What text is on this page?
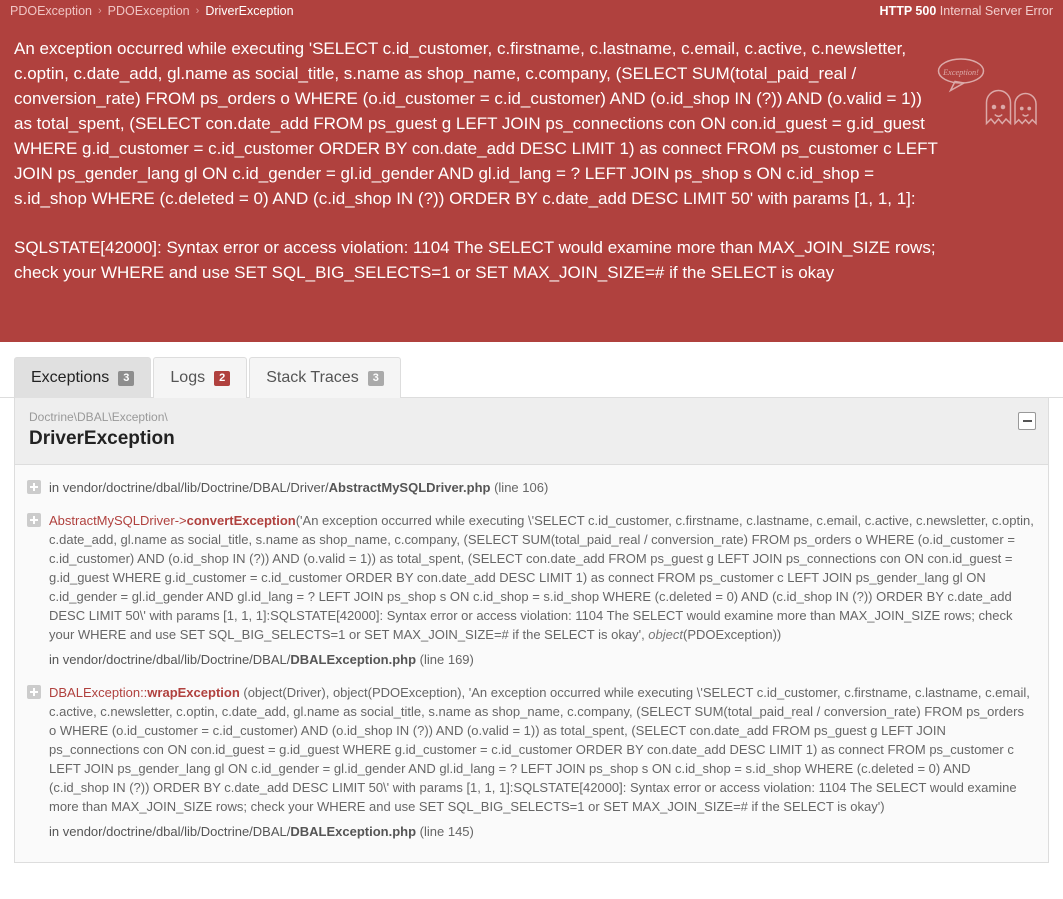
PDOException › PDOException › DriverException	HTTP 500 Internal Server Error

An exception occurred while executing 'SELECT c.id_customer, c.firstname, c.lastname, c.email, c.active, c.newsletter, c.optin, c.date_add, gl.name as social_title, s.name as shop_name, c.company, (SELECT SUM(total_paid_real / conversion_rate) FROM ps_orders o WHERE (o.id_customer = c.id_customer) AND (o.id_shop IN (?)) AND (o.valid = 1)) as total_spent, (SELECT con.date_add FROM ps_guest g LEFT JOIN ps_connections con ON con.id_guest = g.id_guest WHERE g.id_customer = c.id_customer ORDER BY con.date_add DESC LIMIT 1) as connect FROM ps_customer c LEFT JOIN ps_gender_lang gl ON c.id_gender = gl.id_gender AND gl.id_lang = ? LEFT JOIN ps_shop s ON c.id_shop = s.id_shop WHERE (c.deleted = 0) AND (c.id_shop IN (?)) ORDER BY c.date_add DESC LIMIT 50' with params [1, 1, 1]:

SQLSTATE[42000]: Syntax error or access violation: 1104 The SELECT would examine more than MAX_JOIN_SIZE rows; check your WHERE and use SET SQL_BIG_SELECTS=1 or SET MAX_JOIN_SIZE=# if the SELECT is okay

Exception!
Exceptions	3	Logs	2	Stack Traces	3
Doctrine\DBAL\Exception\
DriverException
in vendor/doctrine/dbal/lib/Doctrine/DBAL/Driver/AbstractMySQLDriver.php (line 106)
AbstractMySQLDriver->convertException('An exception occurred while executing \'SELECT c.id_customer, c.firstname, c.lastname, c.email, c.active, c.newsletter, c.optin, c.date_add, gl.name as social_title, s.name as shop_name, c.company, (SELECT SUM(total_paid_real / conversion_rate) FROM ps_orders o WHERE (o.id_customer = c.id_customer) AND (o.id_shop IN (?)) AND (o.valid = 1)) as total_spent, (SELECT con.date_add FROM ps_guest g LEFT JOIN ps_connections con ON con.id_guest = g.id_guest WHERE g.id_customer = c.id_customer ORDER BY con.date_add DESC LIMIT 1) as connect FROM ps_customer c LEFT JOIN ps_gender_lang gl ON c.id_gender = gl.id_gender AND gl.id_lang = ? LEFT JOIN ps_shop s ON c.id_shop = s.id_shop WHERE (c.deleted = 0) AND (c.id_shop IN (?)) ORDER BY c.date_add DESC LIMIT 50\' with params [1, 1, 1]:SQLSTATE[42000]: Syntax error or access violation: 1104 The SELECT would examine more than MAX_JOIN_SIZE rows; check your WHERE and use SET SQL_BIG_SELECTS=1 or SET MAX_JOIN_SIZE=# if the SELECT is okay', object(PDOException))
in vendor/doctrine/dbal/lib/Doctrine/DBAL/DBALException.php (line 169)
DBALException::wrapException (object(Driver), object(PDOException), 'An exception occurred while executing \'SELECT c.id_customer, c.firstname, c.lastname, c.email, c.active, c.newsletter, c.optin, c.date_add, gl.name as social_title, s.name as shop_name, c.company, (SELECT SUM(total_paid_real / conversion_rate) FROM ps_orders o WHERE (o.id_customer = c.id_customer) AND (o.id_shop IN (?)) AND (o.valid = 1)) as total_spent, (SELECT con.date_add FROM ps_guest g LEFT JOIN ps_connections con ON con.id_guest = g.id_guest WHERE g.id_customer = c.id_customer ORDER BY con.date_add DESC LIMIT 1) as connect FROM ps_customer c LEFT JOIN ps_gender_lang gl ON c.id_gender = gl.id_gender AND gl.id_lang = ? LEFT JOIN ps_shop s ON c.id_shop = s.id_shop WHERE (c.deleted = 0) AND (c.id_shop IN (?)) ORDER BY c.date_add DESC LIMIT 50\' with params [1, 1, 1]:SQLSTATE[42000]: Syntax error or access violation: 1104 The SELECT would examine more than MAX_JOIN_SIZE rows; check your WHERE and use SET SQL_BIG_SELECTS=1 or SET MAX_JOIN_SIZE=# if the SELECT is okay')
in vendor/doctrine/dbal/lib/Doctrine/DBAL/DBALException.php (line 145)
